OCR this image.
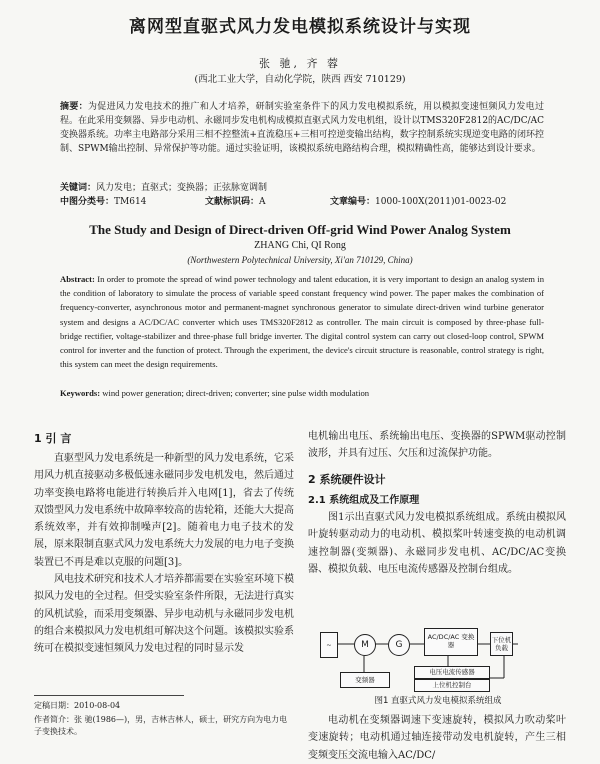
离网型直驱式风力发电模拟系统设计与实现
张 驰, 齐 蓉
(西北工业大学，自动化学院，陕西 西安 710129)
摘要：为促进风力发电技术的推广和人才培养，研制实验室条件下的风力发电模拟系统，用以模拟变速恒频风力发电过程。在此采用变频器、异步电动机、永磁同步发电机构成模拟直驱式风力发电机组，设计以TMS320F2812的AC/DC/AC变换器系统。功率主电路部分采用三相不控整流+直流稳压+三相可控逆变输出结构，数字控制系统实现逆变电路的闭环控制、SPWM输出控制、异常保护等功能。通过实验证明，该模拟系统电路结构合理，模拟精确性高，能够达到设计要求。
关键词：风力发电；直驱式；变换器；正弦脉宽调制
中图分类号：TM614	文献标识码：A	文章编号：1000-100X(2011)01-0023-02
The Study and Design of Direct-driven Off-grid Wind Power Analog System
ZHANG Chi, QI Rong
(Northwestern Polytechnical University, Xi'an 710129, China)
Abstract: In order to promote the spread of wind power technology and talent education, it is very important to design an analog system in the condition of laboratory to simulate the process of variable speed constant frequency wind power. The paper makes the combination of frequency-converter, asynchronous motor and permanent-magnet synchronous generator to simulate direct-driven wind turbine generator system and designs a AC/DC/AC converter which uses TMS320F2812 as controller. The main circuit is composed by three-phase full-bridge rectifier, voltage-stabilizer and three-phase full bridge inverter. The digital control system can carry out closed-loop control, SPWM control for inverter and the function of protect. Through the experiment, the device's circuit structure is reasonable, control strategy is right, this system can meet the design requirements.
Keywords: wind power generation; direct-driven; converter; sine pulse width modulation
1 引 言

直驱型风力发电系统是一种新型的风力发电系统，它采用风力机直接驱动多极低速永磁同步发电机发电，然后通过功率变换电路将电能进行转换后并入电网[1]，省去了传统双馈型风力发电系统中故障率较高的齿轮箱，还能大大提高系统效率，并有效抑制噪声[2]。随着电力电子技术的发展，原来限制直驱式风力发电系统大力发展的电力电子变换装置已不再是难以克服的问题[3]。

风电技术研究和技术人才培养都需要在实验室环境下模拟风力发电的全过程。但受实验室条件所限，无法进行真实的风机试验，而采用变频器、异步电动机与永磁同步发电机的组合来模拟风力发电机组可解决这个问题。该模拟实验系统可在模拟变速恒频风力发电过程的同时显示发

定稿日期：2010-08-04
作者简介：张 驰(1986—)，男，吉林吉林人，硕士，研究方向为电力电子变换技术。

电机输出电压、系统输出电压、变换器的SPWM驱动控制波形，并具有过压、欠压和过流保护功能。

2 系统硬件设计
2.1 系统组成及工作原理

图1示出直驱式风力发电模拟系统组成。系统由模拟风叶旋转驱动动力的电动机、模拟桨叶转速变换的电动机调速控制器(变频器)、永磁同步发电机、AC/DC/AC变换器、模拟负载、电压电流传感器及控制台组成。

~	M	G
AC/DC/AC 变换器
下位机负载
变频器
电压电流传感器
上位机控制台
图1 直驱式风力发电模拟系统组成
电动机在变频器调速下变速旋转，模拟风力吹动桨叶变速旋转；电动机通过轴连接带动发电机旋转，产生三相变频变压交流电输入AC/DC/
